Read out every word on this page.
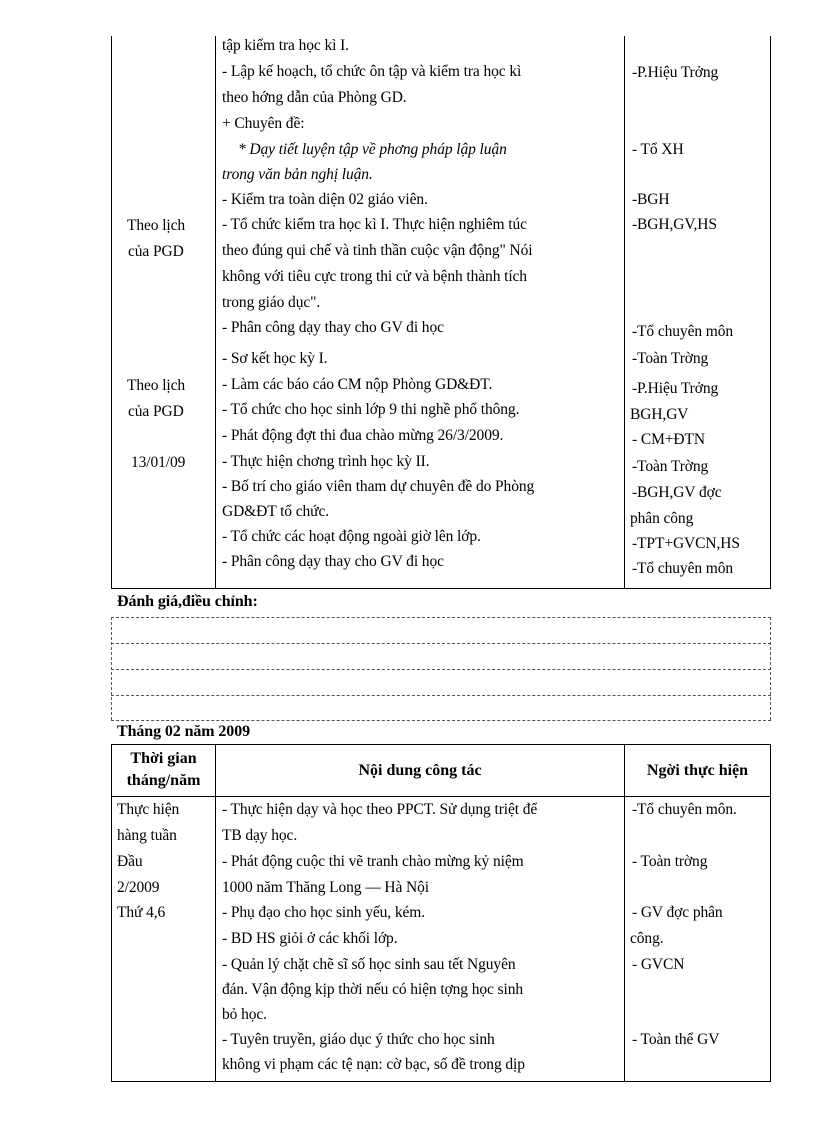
tập kiểm tra học kì I.
- Lập kế hoạch, tổ chức ôn tập và kiểm tra học kì
theo hớng dẫn của Phòng GD.
+ Chuyên đề:
* Dạy tiết luyện tập về phơng pháp lập luận
trong văn bản nghị luận.
- Kiểm tra toàn diện 02 giáo viên.
- Tổ chức kiểm tra học kì I. Thực hiện nghiêm túc
theo đúng qui chế và tinh thần cuộc vận động" Nói
không với tiêu cực trong thi cử và bệnh thành tích
trong giáo dục".
- Phân công dạy thay cho GV đi học
- Sơ kết học kỳ I.
- Làm các báo cáo CM nộp Phòng GD&ĐT.
- Tổ chức cho học sinh lớp 9 thi nghề phổ thông.
- Phát động đợt thi đua chào mừng 26/3/2009.
- Thực hiện chơng trình học kỳ II.
- Bố trí cho giáo viên tham dự chuyên đề do Phòng
GD&ĐT tổ chức.
- Tổ chức các hoạt động ngoài giờ lên lớp.
- Phân công dạy thay cho GV đi học
Theo lịch
của PGD
Theo lịch
của PGD
13/01/09
-P.Hiệu Trởng
- Tổ XH
-BGH
-BGH,GV,HS
-Tổ chuyên môn
-Toàn Trờng
-P.Hiệu Trởng
BGH,GV
- CM+ĐTN
-Toàn Trờng
-BGH,GV đợc
phân công
-TPT+GVCN,HS
-Tổ chuyên môn
Đánh giá,điều chỉnh:
Tháng 02 năm 2009
Thời gian
tháng/năm
Nội dung công tác	Ngời thực hiện
Thực hiện
hàng tuần
Đầu
2/2009
Thứ 4,6
- Thực hiện dạy và học theo PPCT. Sử dụng triệt để
TB dạy học.
- Phát động cuộc thi vẽ tranh chào mừng kỷ niệm
1000 năm Thăng Long — Hà Nội
- Phụ đạo cho học sinh yếu, kém.
- BD HS giỏi ở các khối lớp.
- Quản lý chặt chẽ sĩ số học sinh sau tết Nguyên
đán. Vận động kịp thời nếu có hiện tợng học sinh
bỏ học.
- Tuyên truyền, giáo dục ý thức cho học sinh
không vi phạm các tệ nạn: cờ bạc, số đề trong dịp
-Tổ chuyên môn.
- Toàn trờng
- GV đợc phân
công.
- GVCN
- Toàn thể GV
